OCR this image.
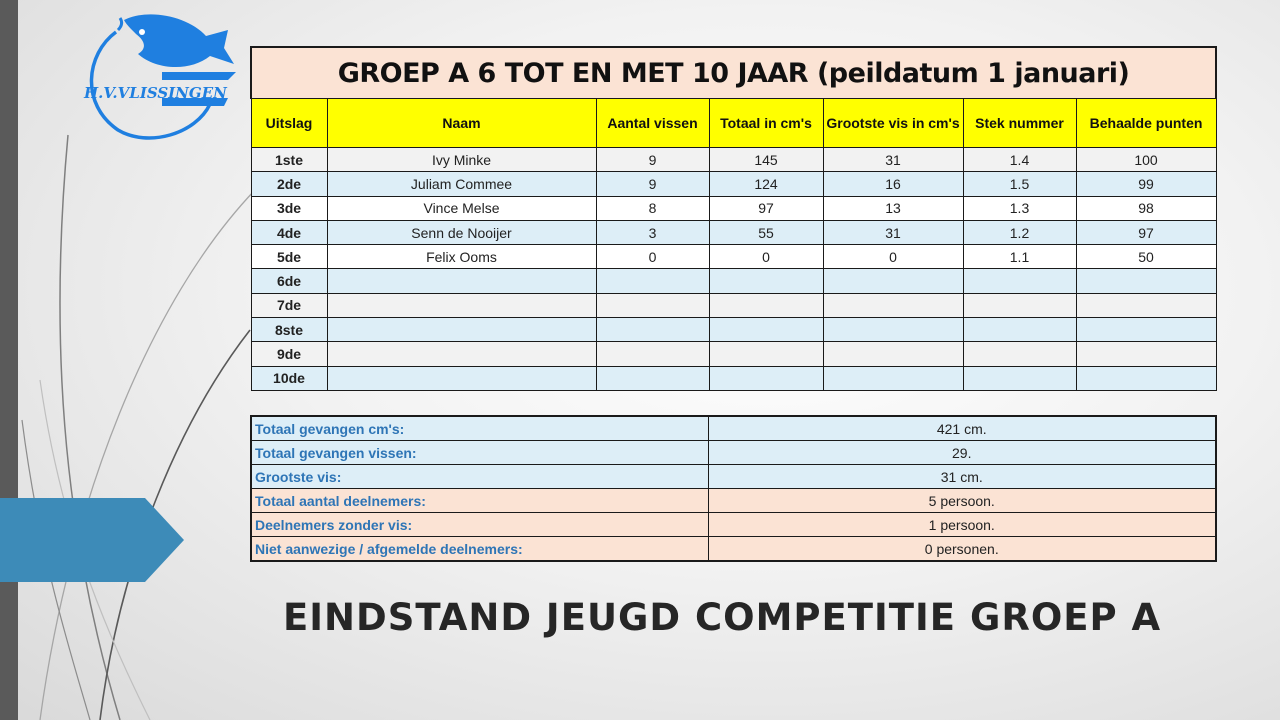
H.V.VLISSINGEN
GROEP A 6 TOT EN MET 10 JAAR (peildatum 1 januari)						
Uitslag	Naam	Aantal vissen	Totaal in cm's	Grootste vis in cm's	Stek nummer	Behaalde punten
1ste	Ivy Minke	9	145	31	1.4	100
2de	Juliam Commee	9	124	16	1.5	99
3de	Vince Melse	8	97	13	1.3	98
4de	Senn de Nooijer	3	55	31	1.2	97
5de	Felix Ooms	0	0	0	1.1	50
6de						
7de						
8ste						
9de						
10de						
Totaal gevangen cm's:	421 cm.
Totaal gevangen vissen:	29.
Grootste vis:	31 cm.
Totaal aantal deelnemers:	5 persoon.
Deelnemers zonder vis:	1 persoon.
Niet aanwezige / afgemelde deelnemers:	0 personen.
EINDSTAND JEUGD COMPETITIE GROEP A
